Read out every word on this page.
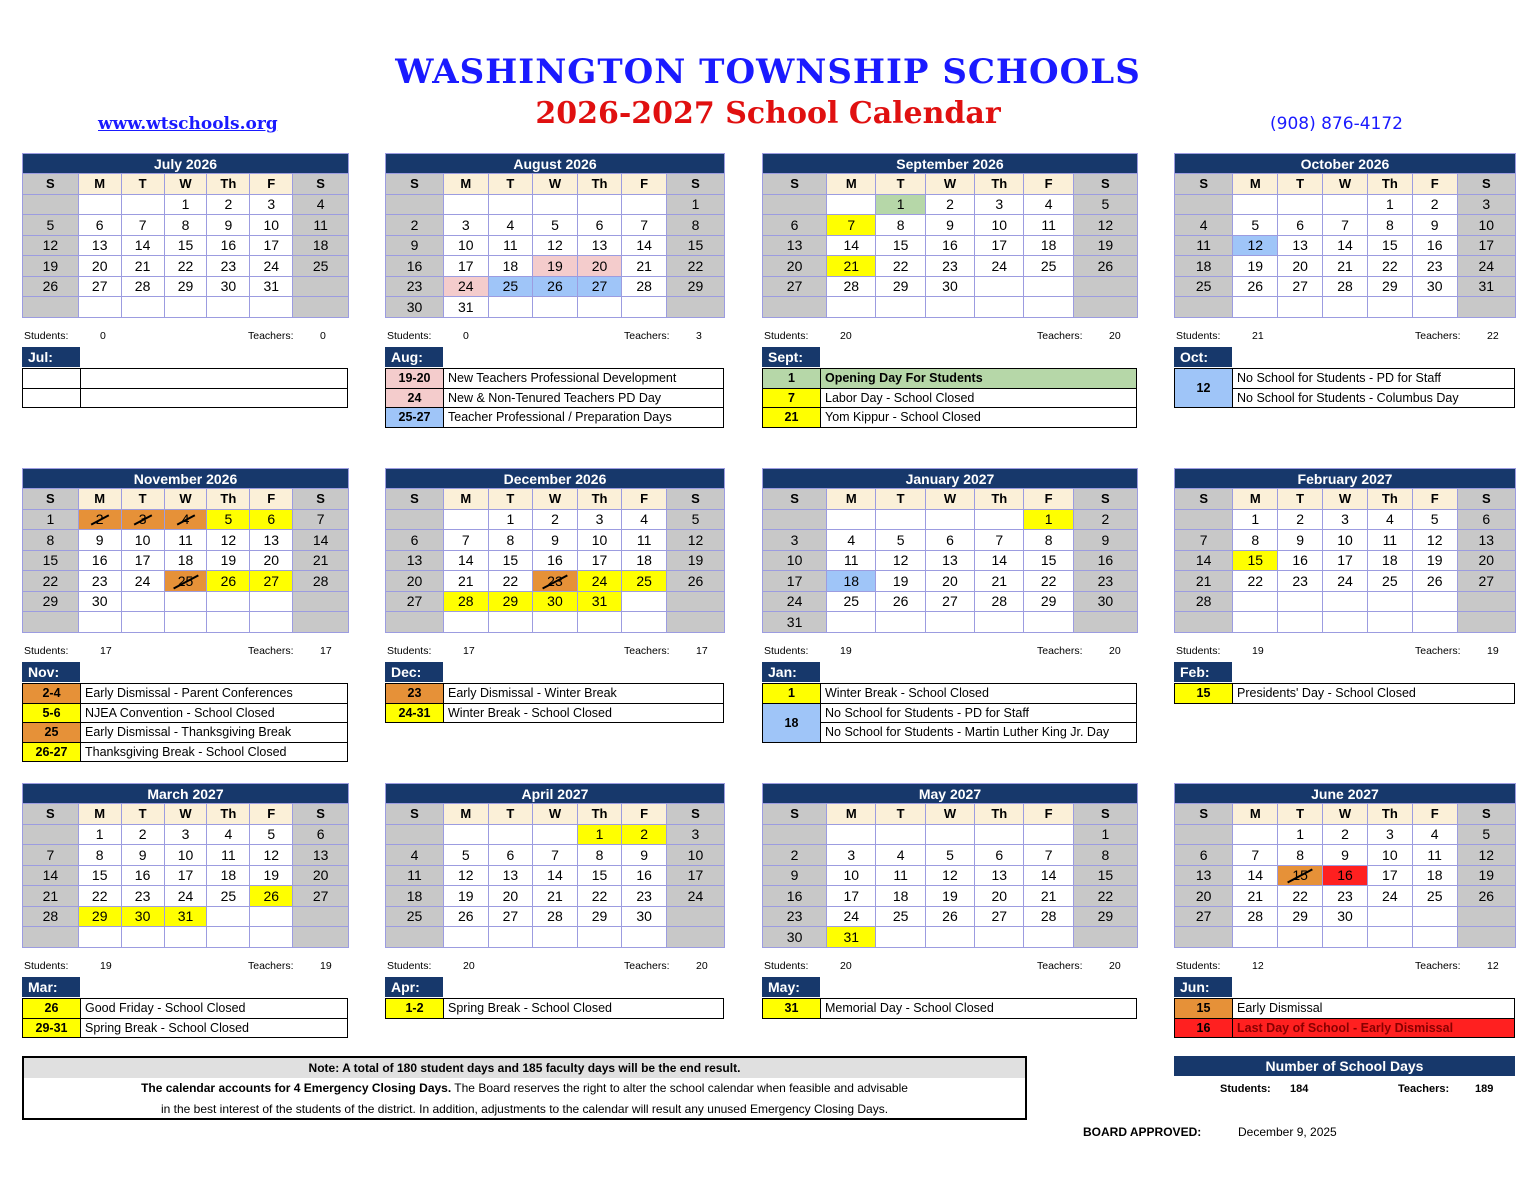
WASHINGTON TOWNSHIP SCHOOLS
2026-2027 School Calendar
www.wtschools.org	(908) 876-4172
July 2026						
S	M	T	W	Th	F	S
			1	2	3	4
5	6	7	8	9	10	11
12	13	14	15	16	17	18
19	20	21	22	23	24	25
26	27	28	29	30	31	

Students:	0	Teachers:	0
Jul:

August 2026						
S	M	T	W	Th	F	S
						1
2	3	4	5	6	7	8
9	10	11	12	13	14	15
16	17	18	19	20	21	22
23	24	25	26	27	28	29
30	31					
Students:	0	Teachers:	3
Aug:
19-20	New Teachers Professional Development
24	New & Non-Tenured Teachers PD Day
25-27	Teacher Professional / Preparation Days
September 2026						
S	M	T	W	Th	F	S
		1	2	3	4	5
6	7	8	9	10	11	12
13	14	15	16	17	18	19
20	21	22	23	24	25	26
27	28	29	30			

Students:	20	Teachers:	20
Sept:
1	Opening Day For Students
7	Labor Day - School Closed
21	Yom Kippur - School Closed
October 2026						
S	M	T	W	Th	F	S
				1	2	3
4	5	6	7	8	9	10
11	12	13	14	15	16	17
18	19	20	21	22	23	24
25	26	27	28	29	30	31

Students:	21	Teachers:	22
Oct:
12	No School for Students - PD for Staff
No School for Students - Columbus Day
November 2026						
S	M	T	W	Th	F	S
1	2	3	4	5	6	7
8	9	10	11	12	13	14
15	16	17	18	19	20	21
22	23	24	25	26	27	28
29	30					

Students:	17	Teachers:	17
Nov:
2-4	Early Dismissal - Parent Conferences
5-6	NJEA Convention - School Closed
25	Early Dismissal - Thanksgiving Break
26-27	Thanksgiving Break - School Closed
December 2026						
S	M	T	W	Th	F	S
		1	2	3	4	5
6	7	8	9	10	11	12
13	14	15	16	17	18	19
20	21	22	23	24	25	26
27	28	29	30	31		

Students:	17	Teachers:	17
Dec:
23	Early Dismissal - Winter Break
24-31	Winter Break - School Closed
January 2027						
S	M	T	W	Th	F	S
					1	2
3	4	5	6	7	8	9
10	11	12	13	14	15	16
17	18	19	20	21	22	23
24	25	26	27	28	29	30
31						
Students:	19	Teachers:	20
Jan:
1	Winter Break - School Closed
18	No School for Students - PD for Staff
	No School for Students - Martin Luther King Jr. Day
February 2027						
S	M	T	W	Th	F	S
	1	2	3	4	5	6
7	8	9	10	11	12	13
14	15	16	17	18	19	20
21	22	23	24	25	26	27
28						

Students:	19	Teachers:	19
Feb:
15	Presidents' Day - School Closed
March 2027						
S	M	T	W	Th	F	S
	1	2	3	4	5	6
7	8	9	10	11	12	13
14	15	16	17	18	19	20
21	22	23	24	25	26	27
28	29	30	31			

Students:	19	Teachers:	19
Mar:
26	Good Friday - School Closed
29-31	Spring Break - School Closed
April 2027						
S	M	T	W	Th	F	S
				1	2	3
4	5	6	7	8	9	10
11	12	13	14	15	16	17
18	19	20	21	22	23	24
25	26	27	28	29	30	

Students:	20	Teachers:	20
Apr:
1-2	Spring Break - School Closed
May 2027						
S	M	T	W	Th	F	S
						1
2	3	4	5	6	7	8
9	10	11	12	13	14	15
16	17	18	19	20	21	22
23	24	25	26	27	28	29
30	31					
Students:	20	Teachers:	20
May:
31	Memorial Day - School Closed
June 2027						
S	M	T	W	Th	F	S
		1	2	3	4	5
6	7	8	9	10	11	12
13	14	15	16	17	18	19
20	21	22	23	24	25	26
27	28	29	30			

Students:	12	Teachers:	12
Jun:
15	Early Dismissal
16	Last Day of School - Early Dismissal
Note: A total of 180 student days and 185 faculty days will be the end result.
The calendar accounts for 4 Emergency Closing Days. The Board reserves the right to alter the school calendar when feasible and advisable
in the best interest of the students of the district. In addition, adjustments to the calendar will result any unused Emergency Closing Days.
Number of School Days
Students: 184	Teachers: 189
BOARD APPROVED:	December 9, 2025
